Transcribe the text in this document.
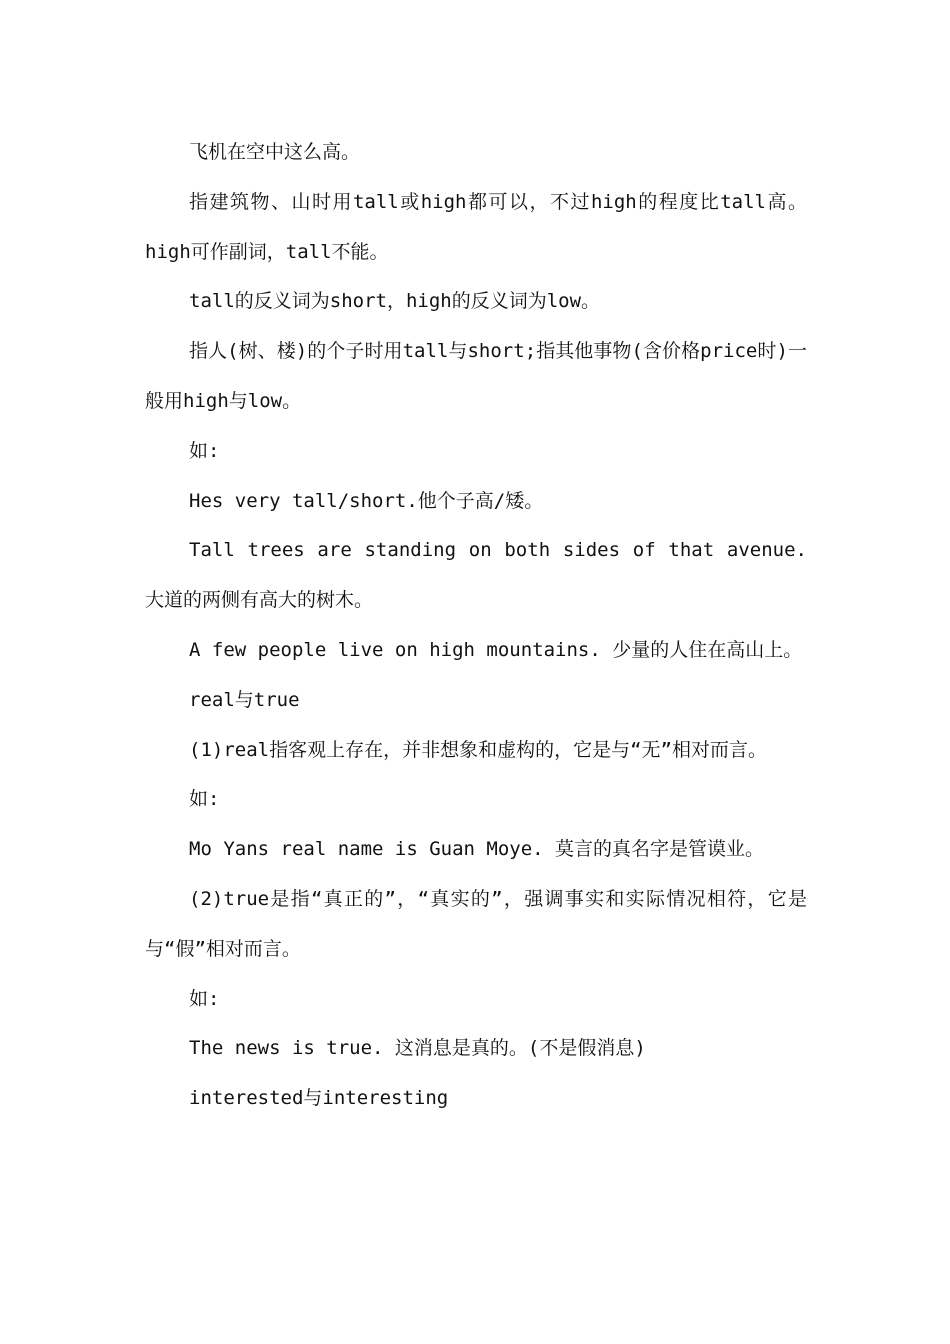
飞机在空中这么高。

指建筑物、山时用tall或high都可以，不过high的程度比tall高。high可作副词，tall不能。

tall的反义词为short，high的反义词为low。

指人(树、楼)的个子时用tall与short;指其他事物(含价格price时)一般用high与low。

如:

Hes very tall/short.他个子高/矮。

Tall trees are standing on both sides of that avenue.大道的两侧有高大的树木。

A few people live on high mountains. 少量的人住在高山上。

real与true

(1)real指客观上存在，并非想象和虚构的，它是与“无”相对而言。

如:

Mo Yans real name is Guan Moye. 莫言的真名字是管谟业。

(2)true是指“真正的”，“真实的”，强调事实和实际情况相符，它是与“假”相对而言。

如:

The news is true. 这消息是真的。(不是假消息)

interested与interesting
